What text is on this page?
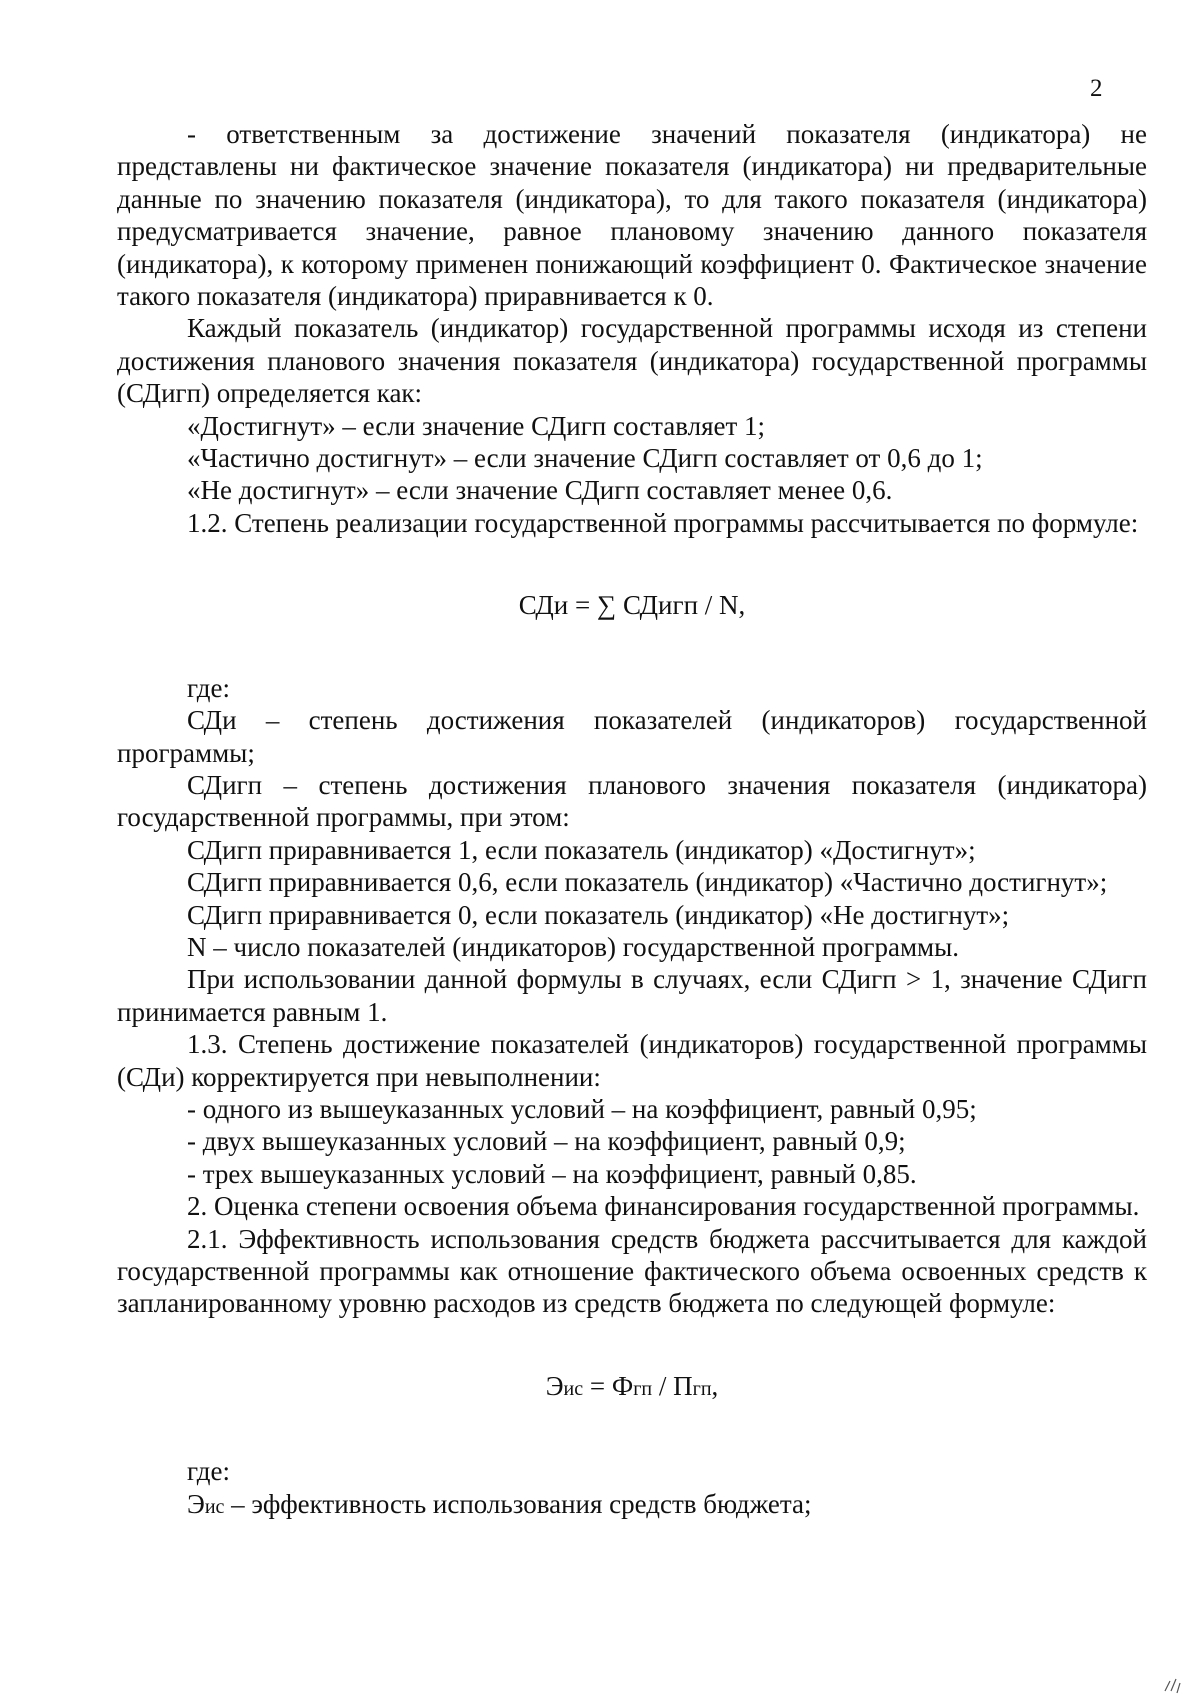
2

- ответственным за достижение значений показателя (индикатора) не представлены ни фактическое значение показателя (индикатора) ни предварительные данные по значению показателя (индикатора), то для такого показателя (индикатора) предусматривается значение, равное плановому значению данного показателя (индикатора), к которому применен понижающий коэффициент 0. Фактическое значение такого показателя (индикатора) приравнивается к 0.

Каждый показатель (индикатор) государственной программы исходя из степени достижения планового значения показателя (индикатора) государственной программы (СДигп) определяется как:

«Достигнут» – если значение СДигп составляет 1;

«Частично достигнут» – если значение СДигп составляет от 0,6 до 1;

«Не достигнут» – если значение СДигп составляет менее 0,6.

1.2. Степень реализации государственной программы рассчитывается по формуле:

СДи = ∑ СДигп / N,

где:

СДи – степень достижения показателей (индикаторов) государственной программы;

СДигп – степень достижения планового значения показателя (индикатора) государственной программы, при этом:

СДигп приравнивается 1, если показатель (индикатор) «Достигнут»;

СДигп приравнивается 0,6, если показатель (индикатор) «Частично достигнут»;

СДигп приравнивается 0, если показатель (индикатор) «Не достигнут»;

N – число показателей (индикаторов) государственной программы.

При использовании данной формулы в случаях, если СДигп > 1, значение СДигп принимается равным 1.

1.3. Степень достижение показателей (индикаторов) государственной программы (СДи) корректируется при невыполнении:

- одного из вышеуказанных условий – на коэффициент, равный 0,95;

- двух вышеуказанных условий – на коэффициент, равный 0,9;

- трех вышеуказанных условий – на коэффициент, равный 0,85.

2. Оценка степени освоения объема финансирования государственной программы.

2.1. Эффективность использования средств бюджета рассчитывается для каждой государственной программы как отношение фактического объема освоенных средств к запланированному уровню расходов из средств бюджета по следующей формуле:

Эис = Фгп / Пгп,

где:

Эис – эффективность использования средств бюджета;
